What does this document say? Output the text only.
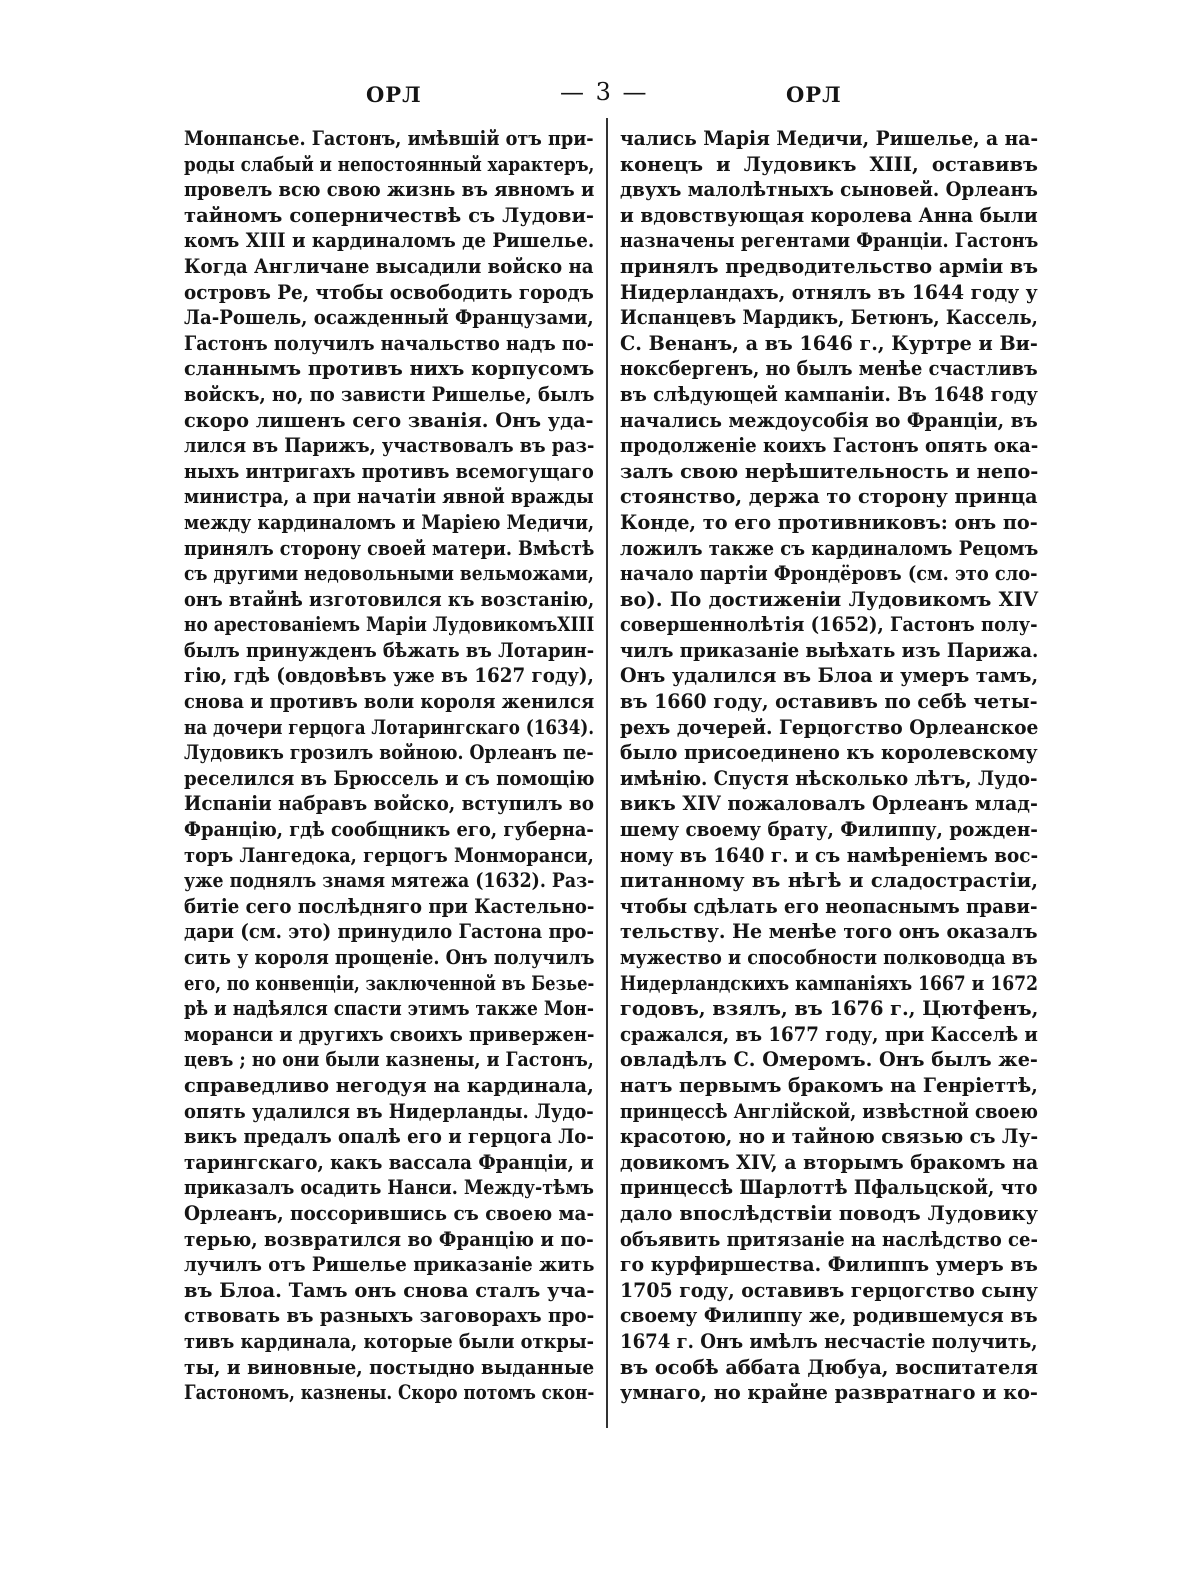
ОРЛ	— 3 —	ОРЛ
Монпансье. Гастонъ, имѣвшій отъ при-
роды слабый и непостоянный характеръ,
провелъ всю свою жизнь въ явномъ и
тайномъ соперничествѣ съ Лудови-
комъ XIII и кардиналомъ де Ришелье.
Когда Англичане высадили войско на
островъ Ре, чтобы освободить городъ
Ла-Рошель, осажденный Французами,
Гастонъ получилъ начальство надъ по-
сланнымъ противъ нихъ корпусомъ
войскъ, но, по зависти Ришелье, былъ
скоро лишенъ сего званія. Онъ уда-
лился въ Парижъ, участвовалъ въ раз-
ныхъ интригахъ противъ всемогущаго
министра, а при начатіи явной вражды
между кардиналомъ и Маріею Медичи,
принялъ сторону своей матери. Вмѣстѣ
съ другими недовольными вельможами,
онъ втайнѣ изготовился къ возстанію,
но арестованіемъ Маріи ЛудовикомъXIII
былъ принужденъ бѣжать въ Лотарин-
гію, гдѣ (овдовѣвъ уже въ 1627 году),
снова и противъ воли короля женился
на дочери герцога Лотарингскаго (1634).
Лудовикъ грозилъ войною. Орлеанъ пе-
реселился въ Брюссель и съ помощію
Испанiи набравъ войско, вступилъ во
Францію, гдѣ сообщникъ его, губерна-
торъ Лангедока, герцогъ Монморанси,
уже поднялъ знамя мятежа (1632). Раз-
битіе сего послѣдняго при Кастельно-
дари (см. это) принудило Гастона про-
сить у короля прощеніе. Онъ получилъ
его, по конвенціи, заключенной въ Безье-
рѣ и надѣялся спасти этимъ также Мон-
моранси и другихъ своихъ привержен-
цевъ ; но они были казнены, и Гастонъ,
справедливо негодуя на кардинала,
опять удалился въ Нидерланды. Лудо-
викъ предалъ опалѣ его и герцога Ло-
тарингскаго, какъ вассала Франціи, и
приказалъ осадить Нанси. Между-тѣмъ
Орлеанъ, поссорившись съ своею ма-
терью, возвратился во Францію и по-
лучилъ отъ Ришелье приказаніе жить
въ Блоа. Тамъ онъ снова сталъ уча-
ствовать въ разныхъ заговорахъ про-
тивъ кардинала, которые были откры-
ты, и виновные, постыдно выданные
Гастономъ, казнены. Скоро потомъ скон-
чались Марія Медичи, Ришелье, а на-
конецъ и Лудовикъ XIII, оставивъ
двухъ малолѣтныхъ сыновей. Орлеанъ
и вдовствующая королева Анна были
назначены регентами Франціи. Гастонъ
принялъ предводительство арміи въ
Нидерландахъ, отнялъ въ 1644 году у
Испанцевъ Мардикъ, Бетюнъ, Кассель,
С. Венанъ, а въ 1646 г., Куртре и Ви-
ноксбергенъ, но былъ менѣе счастливъ
въ слѣдующей кампаніи. Въ 1648 году
начались междоусобія во Франціи, въ
продолженіе коихъ Гастонъ опять ока-
залъ свою нерѣшительность и непо-
стоянство, держа то сторону принца
Конде, то его противниковъ: онъ по-
ложилъ также съ кардиналомъ Рецомъ
начало партіи Фрондёровъ (см. это сло-
во). По достиженіи Лудовикомъ XIV
совершеннолѣтія (1652), Гастонъ полу-
чилъ приказаніе выѣхать изъ Парижа.
Онъ удалился въ Блоа и умеръ тамъ,
въ 1660 году, оставивъ по себѣ четы-
рехъ дочерей. Герцогство Орлеанское
было присоединено къ королевскому
имѣнію. Спустя нѣсколько лѣтъ, Лудо-
викъ XIV пожаловалъ Орлеанъ млад-
шему своему брату, Филиппу, рожден-
ному въ 1640 г. и съ намѣреніемъ вос-
питанному въ нѣгѣ и сладострастіи,
чтобы сдѣлать его неопаснымъ прави-
тельству. Не менѣе того онъ оказалъ
мужество и способности полководца въ
Нидерландскихъ кампаніяхъ 1667 и 1672
годовъ, взялъ, въ 1676 г., Цютфенъ,
сражался, въ 1677 году, при Касселѣ и
овладѣлъ С. Омеромъ. Онъ былъ же-
натъ первымъ бракомъ на Генріеттѣ,
принцессѣ Англійской, извѣстной своею
красотою, но и тайною связью съ Лу-
довикомъ XIV, а вторымъ бракомъ на
принцессѣ Шарлоттѣ Пфальцской, что
дало впослѣдствіи поводъ Лудовику
объявить притязаніе на наслѣдство се-
го курфиршества. Филиппъ умеръ въ
1705 году, оставивъ герцогство сыну
своему Филиппу же, родившемуся въ
1674 г. Онъ имѣлъ несчастіе получить,
въ особѣ аббата Дюбуа, воспитателя
умнаго, но крайне развратнаго и ко-
